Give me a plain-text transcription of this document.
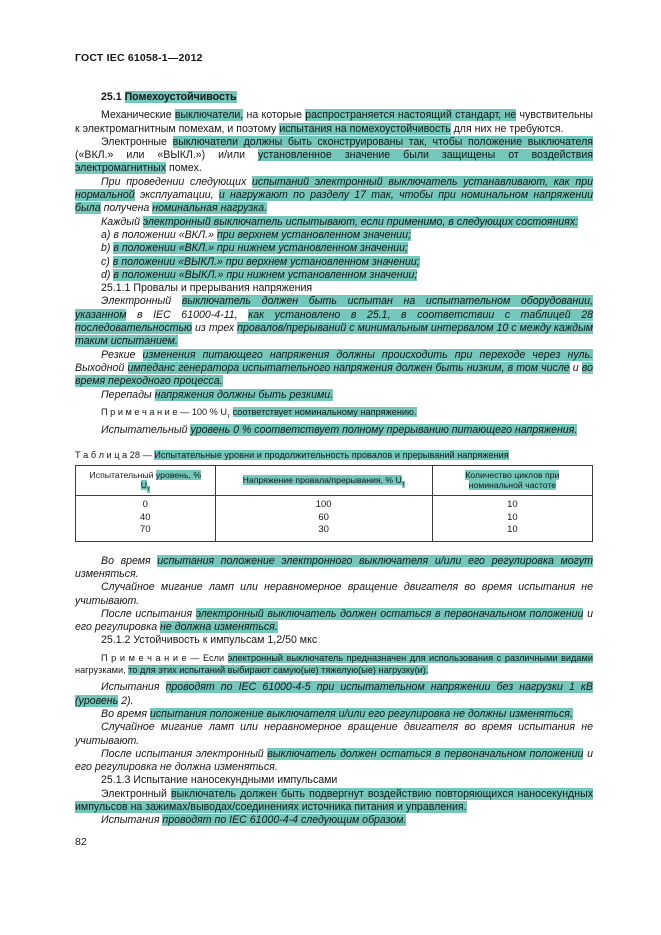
ГОСТ IEC 61058-1—2012

25.1 Помехоустойчивость

Механические выключатели, на которые распространяется настоящий стандарт, не чувствительны к электромагнитным помехам, и поэтому испытания на помехоустойчивость для них не требуются.

Электронные выключатели должны быть сконструированы так, чтобы положение выключателя («ВКЛ.» или «ВЫКЛ.») и/или установленное значение были защищены от воздействия электромагнитных помех.

При проведении следующих испытаний электронный выключатель устанавливают, как при нормальной эксплуатации, и нагружают по разделу 17 так, чтобы при номинальном напряжении была получена номинальная нагрузка.

Каждый электронный выключатель испытывают, если применимо, в следующих состояниях:

a) в положении «ВКЛ.» при верхнем установленном значении;

b) в положении «ВКЛ.» при нижнем установленном значении;

c) в положении «ВЫКЛ.» при верхнем установленном значении;

d) в положении «ВЫКЛ.» при нижнем установленном значении;

25.1.1 Провалы и прерывания напряжения

Электронный выключатель должен быть испытан на испытательном оборудовании, указанном в IEC 61000-4-11, как установлено в 25.1, в соответствии с таблицей 28 последовательностью из трех провалов/прерываний с минимальным интервалом 10 с между каждым таким испытанием.

Резкие изменения питающего напряжения должны происходить при переходе через нуль. Выходной импеданс генератора испытательного напряжения должен быть низким, в том числе и во время переходного процесса.

Перепады напряжения должны быть резкими.

П р и м е ч а н и е — 100 % $U_т$ соответствует номинальному напряжению.

Испытательный уровень 0 % соответствует полному прерыванию питающего напряжения.

Т а б л и ц а 28 — Испытательные уровни и продолжительность провалов и прерываний напряжения

Испытательный уровень, % $U_т$	Напряжение провала/прерывания, % $U_т$	Количество циклов при номинальной частоте
0	100	10
40	60	10
70	30	10

Во время испытания положение электронного выключателя и/или его регулировка могут изменяться.

Случайное мигание ламп или неравномерное вращение двигателя во время испытания не учитывают.

После испытания электронный выключатель должен остаться в первоначальном положении и его регулировка не должна изменяться.

25.1.2 Устойчивость к импульсам 1,2/50 мкс

П р и м е ч а н и е — Если электронный выключатель предназначен для использования с различными видами нагрузками, то для этих испытаний выбирают самую(ые) тяжелую(ые) нагрузку(и).

Испытания проводят по IEC 61000-4-5 при испытательном напряжении без нагрузки 1 кВ (уровень 2).

Во время испытания положение выключателя и/или его регулировка не должны изменяться.

Случайное мигание ламп или неравномерное вращение двигателя во время испытания не учитывают.

После испытания электронный выключатель должен остаться в первоначальном положении и его регулировка не должна изменяться.

25.1.3 Испытание наносекундными импульсами

Электронный выключатель должен быть подвергнут воздействию повторяющихся наносекундных импульсов на зажимах/выводах/соединениях источника питания и управления.

Испытания проводят по IEC 61000-4-4 следующим образом.

82
